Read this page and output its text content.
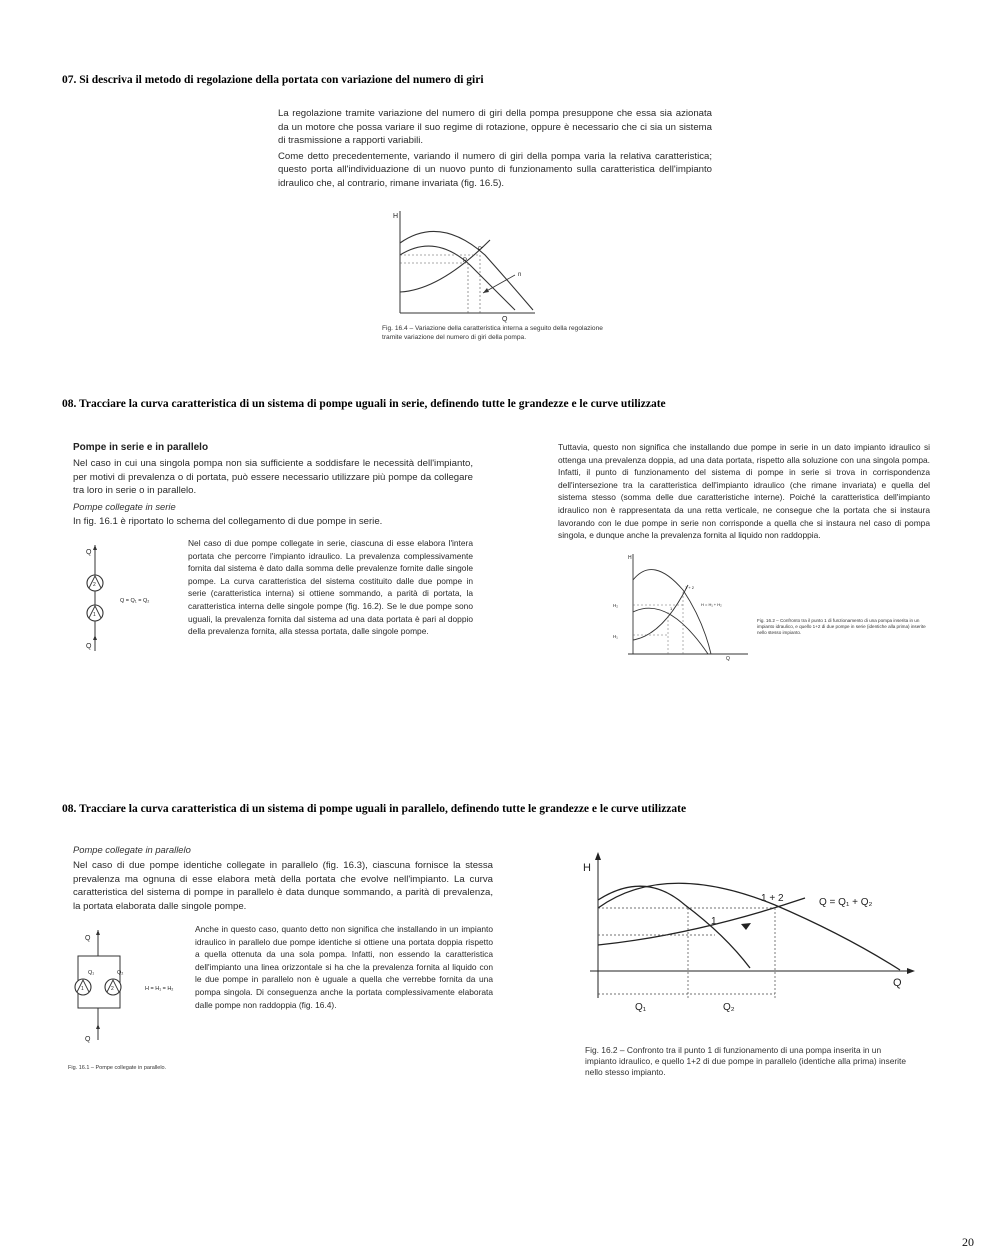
07. Si descriva il metodo di regolazione della portata con variazione del numero di giri

La regolazione tramite variazione del numero di giri della pompa presuppone che essa sia azionata da un motore che possa variare il suo regime di rotazione, oppure è necessario che ci sia un sistema di trasmissione a rapporti variabili.

Come detto precedentemente, variando il numero di giri della pompa varia la relativa caratteristica; questo porta all'individuazione di un nuovo punto di funzionamento sulla caratteristica dell'impianto idraulico che, al contrario, rimane invariata (fig. 16.5).

H
Q
P
P'
n
Fig. 16.4 – Variazione della caratteristica interna a seguito della regolazione tramite variazione del numero di giri della pompa.
08. Tracciare la curva caratteristica di un sistema di pompe uguali in serie, definendo tutte le grandezze e le curve utilizzate
Pompe in serie e in parallelo

Nel caso in cui una singola pompa non sia sufficiente a soddisfare le necessità dell'impianto, per motivi di prevalenza o di portata, può essere necessario utilizzare più pompe da collegare tra loro in serie o in parallelo.

Pompe collegate in serie

In fig. 16.1 è riportato lo schema del collegamento di due pompe in serie.

Q
2
1
Q = Q₁ = Q₂
Q

Nel caso di due pompe collegate in serie, ciascuna di esse elabora l'intera portata che percorre l'impianto idraulico. La prevalenza complessivamente fornita dal sistema è dato dalla somma delle prevalenze fornite dalle singole pompe. La curva caratteristica del sistema costituito dalle due pompe in serie (caratteristica interna) si ottiene sommando, a parità di portata, la caratteristica interna delle singole pompe (fig. 16.2). Se le due pompe sono uguali, la prevalenza fornita dal sistema ad una data portata è pari al doppio della prevalenza fornita, alla stessa portata, dalle singole pompe.

Tuttavia, questo non significa che installando due pompe in serie in un dato impianto idraulico si ottenga una prevalenza doppia, ad una data portata, rispetto alla soluzione con una singola pompa. Infatti, il punto di funzionamento del sistema di pompe in serie si trova in corrispondenza dell'intersezione tra la caratteristica dell'impianto idraulico (che rimane invariata) e quella del sistema stesso (somma delle due caratteristiche interne). Poiché la caratteristica dell'impianto idraulico non è rappresentata da una retta verticale, ne consegue che la portata che si instaura lavorando con le due pompe in serie non corrisponde a quella che si instaura nel caso di pompa singola, e dunque anche la prevalenza fornita al liquido non raddoppia.

H
Q
H₂
H₁
1 + 2
1
H = H₁ + H₂
Fig. 16.2 – Confronto tra il punto 1 di funzionamento di una pompa inserita in un impianto idraulico, e quello 1+2 di due pompe in serie (identiche alla prima) inserite nello stesso impianto.
08. Tracciare la curva caratteristica di un sistema di pompe uguali in parallelo, definendo tutte le grandezze e le curve utilizzate
Pompe collegate in parallelo

Nel caso di due pompe identiche collegate in parallelo (fig. 16.3), ciascuna fornisce la stessa prevalenza ma ognuna di esse elabora metà della portata che evolve nell'impianto. La curva caratteristica del sistema di pompe in parallelo è data dunque sommando, a parità di prevalenza, la portata elaborata dalle singole pompe.

Q
Q₁	Q₂
1	2	H = H₁ = H₂
Q

Anche in questo caso, quanto detto non significa che installando in un impianto idraulico in parallelo due pompe identiche si ottiene una portata doppia rispetto a quella ottenuta da una sola pompa. Infatti, non essendo la caratteristica dell'impianto una linea orizzontale si ha che la prevalenza fornita al liquido con le due pompe in parallelo non è uguale a quella che verrebbe fornita da una pompa singola. Di conseguenza anche la portata complessivamente elaborata dalle pompe non raddoppia (fig. 16.4).

Fig. 16.1 – Pompe collegate in parallelo.
H
Q
1 + 2
1
Q = Q₁ + Q₂
Q₁	Q₂
Fig. 16.2 – Confronto tra il punto 1 di funzionamento di una pompa inserita in un impianto idraulico, e quello 1+2 di due pompe in parallelo (identiche alla prima) inserite nello stesso impianto.
20
